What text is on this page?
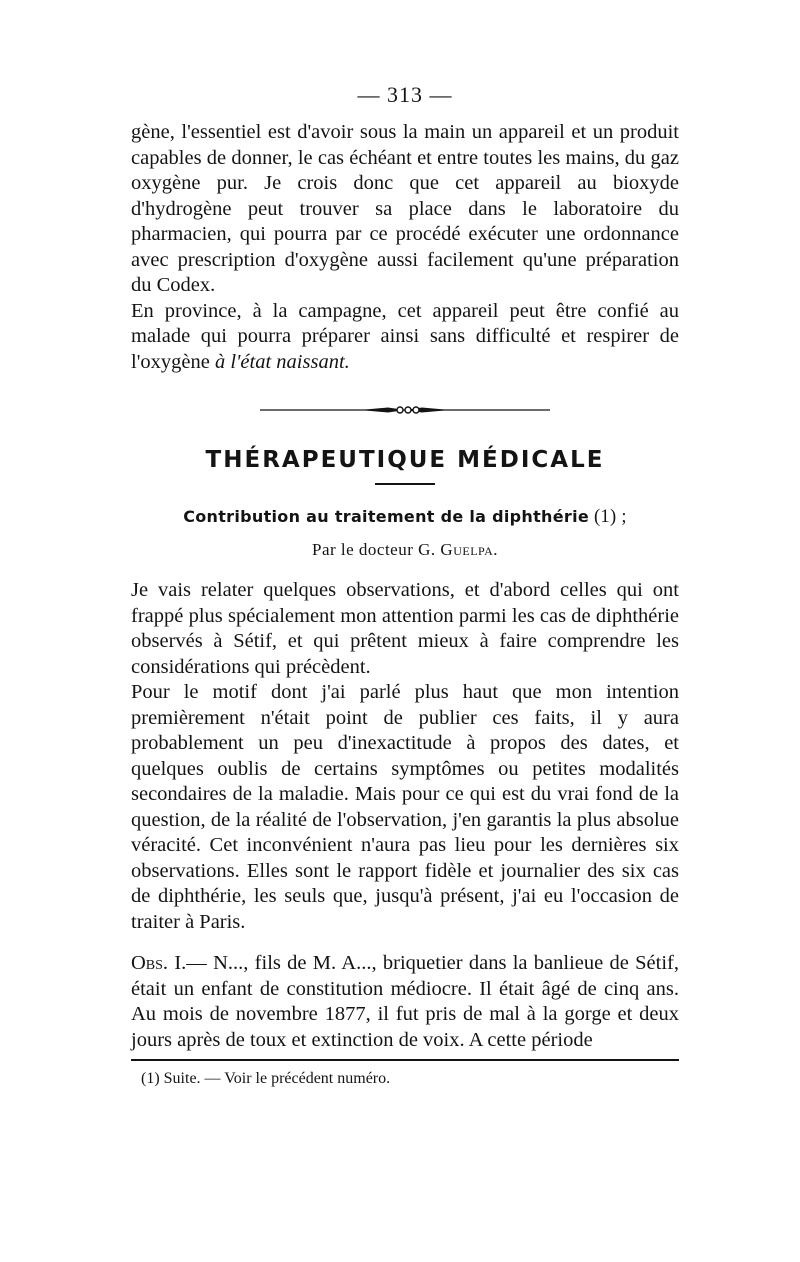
— 313 —

gène, l'essentiel est d'avoir sous la main un appareil et un produit capables de donner, le cas échéant et entre toutes les mains, du gaz oxygène pur. Je crois donc que cet appareil au bioxyde d'hydrogène peut trouver sa place dans le laboratoire du pharmacien, qui pourra par ce procédé exécuter une ordonnance avec prescription d'oxygène aussi facilement qu'une préparation du Codex.

En province, à la campagne, cet appareil peut être confié au malade qui pourra préparer ainsi sans difficulté et respirer de l'oxygène à l'état naissant.

THÉRAPEUTIQUE MÉDICALE
Contribution au traitement de la diphthérie (1) ;
Par le docteur G. Guelpa.

Je vais relater quelques observations, et d'abord celles qui ont frappé plus spécialement mon attention parmi les cas de diphthérie observés à Sétif, et qui prêtent mieux à faire comprendre les considérations qui précèdent.

Pour le motif dont j'ai parlé plus haut que mon intention premièrement n'était point de publier ces faits, il y aura probablement un peu d'inexactitude à propos des dates, et quelques oublis de certains symptômes ou petites modalités secondaires de la maladie. Mais pour ce qui est du vrai fond de la question, de la réalité de l'observation, j'en garantis la plus absolue véracité. Cet inconvénient n'aura pas lieu pour les dernières six observations. Elles sont le rapport fidèle et journalier des six cas de diphthérie, les seuls que, jusqu'à présent, j'ai eu l'occasion de traiter à Paris.

Obs. I.— N..., fils de M. A..., briquetier dans la banlieue de Sétif, était un enfant de constitution médiocre. Il était âgé de cinq ans. Au mois de novembre 1877, il fut pris de mal à la gorge et deux jours après de toux et extinction de voix. A cette période

(1) Suite. — Voir le précédent numéro.
